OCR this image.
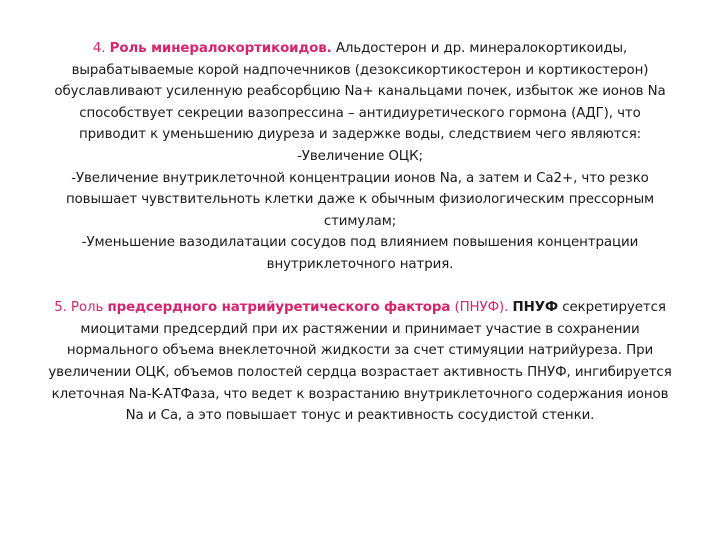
4. Роль минералокортикоидов. Альдостерон и др. минералокортикоиды,
вырабатываемые корой надпочечников (дезоксикортикостерон и кортикостерон)
обуславливают усиленную реабсорбцию Na+ канальцами почек, избыток же ионов Na
способствует секреции вазопрессина – антидиуретического гормона (АДГ), что
приводит к уменьшению диуреза и задержке воды, следствием чего являются:
-Увеличение ОЦК;
-Увеличение внутриклеточной концентрации ионов Na, а затем и Ca2+, что резко
повышает чувствительноть клетки даже к обычным физиологическим прессорным
стимулам;
-Уменьшение вазодилатации сосудов под влиянием повышения концентрации
внутриклеточного натрия.
5. Роль предсердного натрийуретического фактора (ПНУФ). ПНУФ секретируется
миоцитами предсердий при их растяжении и принимает участие в сохранении
нормального объема внеклеточной жидкости за счет стимуяции натрийуреза. При
увеличении ОЦК, объемов полостей сердца возрастает активность ПНУФ, ингибируется
клеточная Na-K-АТФаза, что ведет к возрастанию внутриклеточного содержания ионов
Na и Ca, а это повышает тонус и реактивность сосудистой стенки.
